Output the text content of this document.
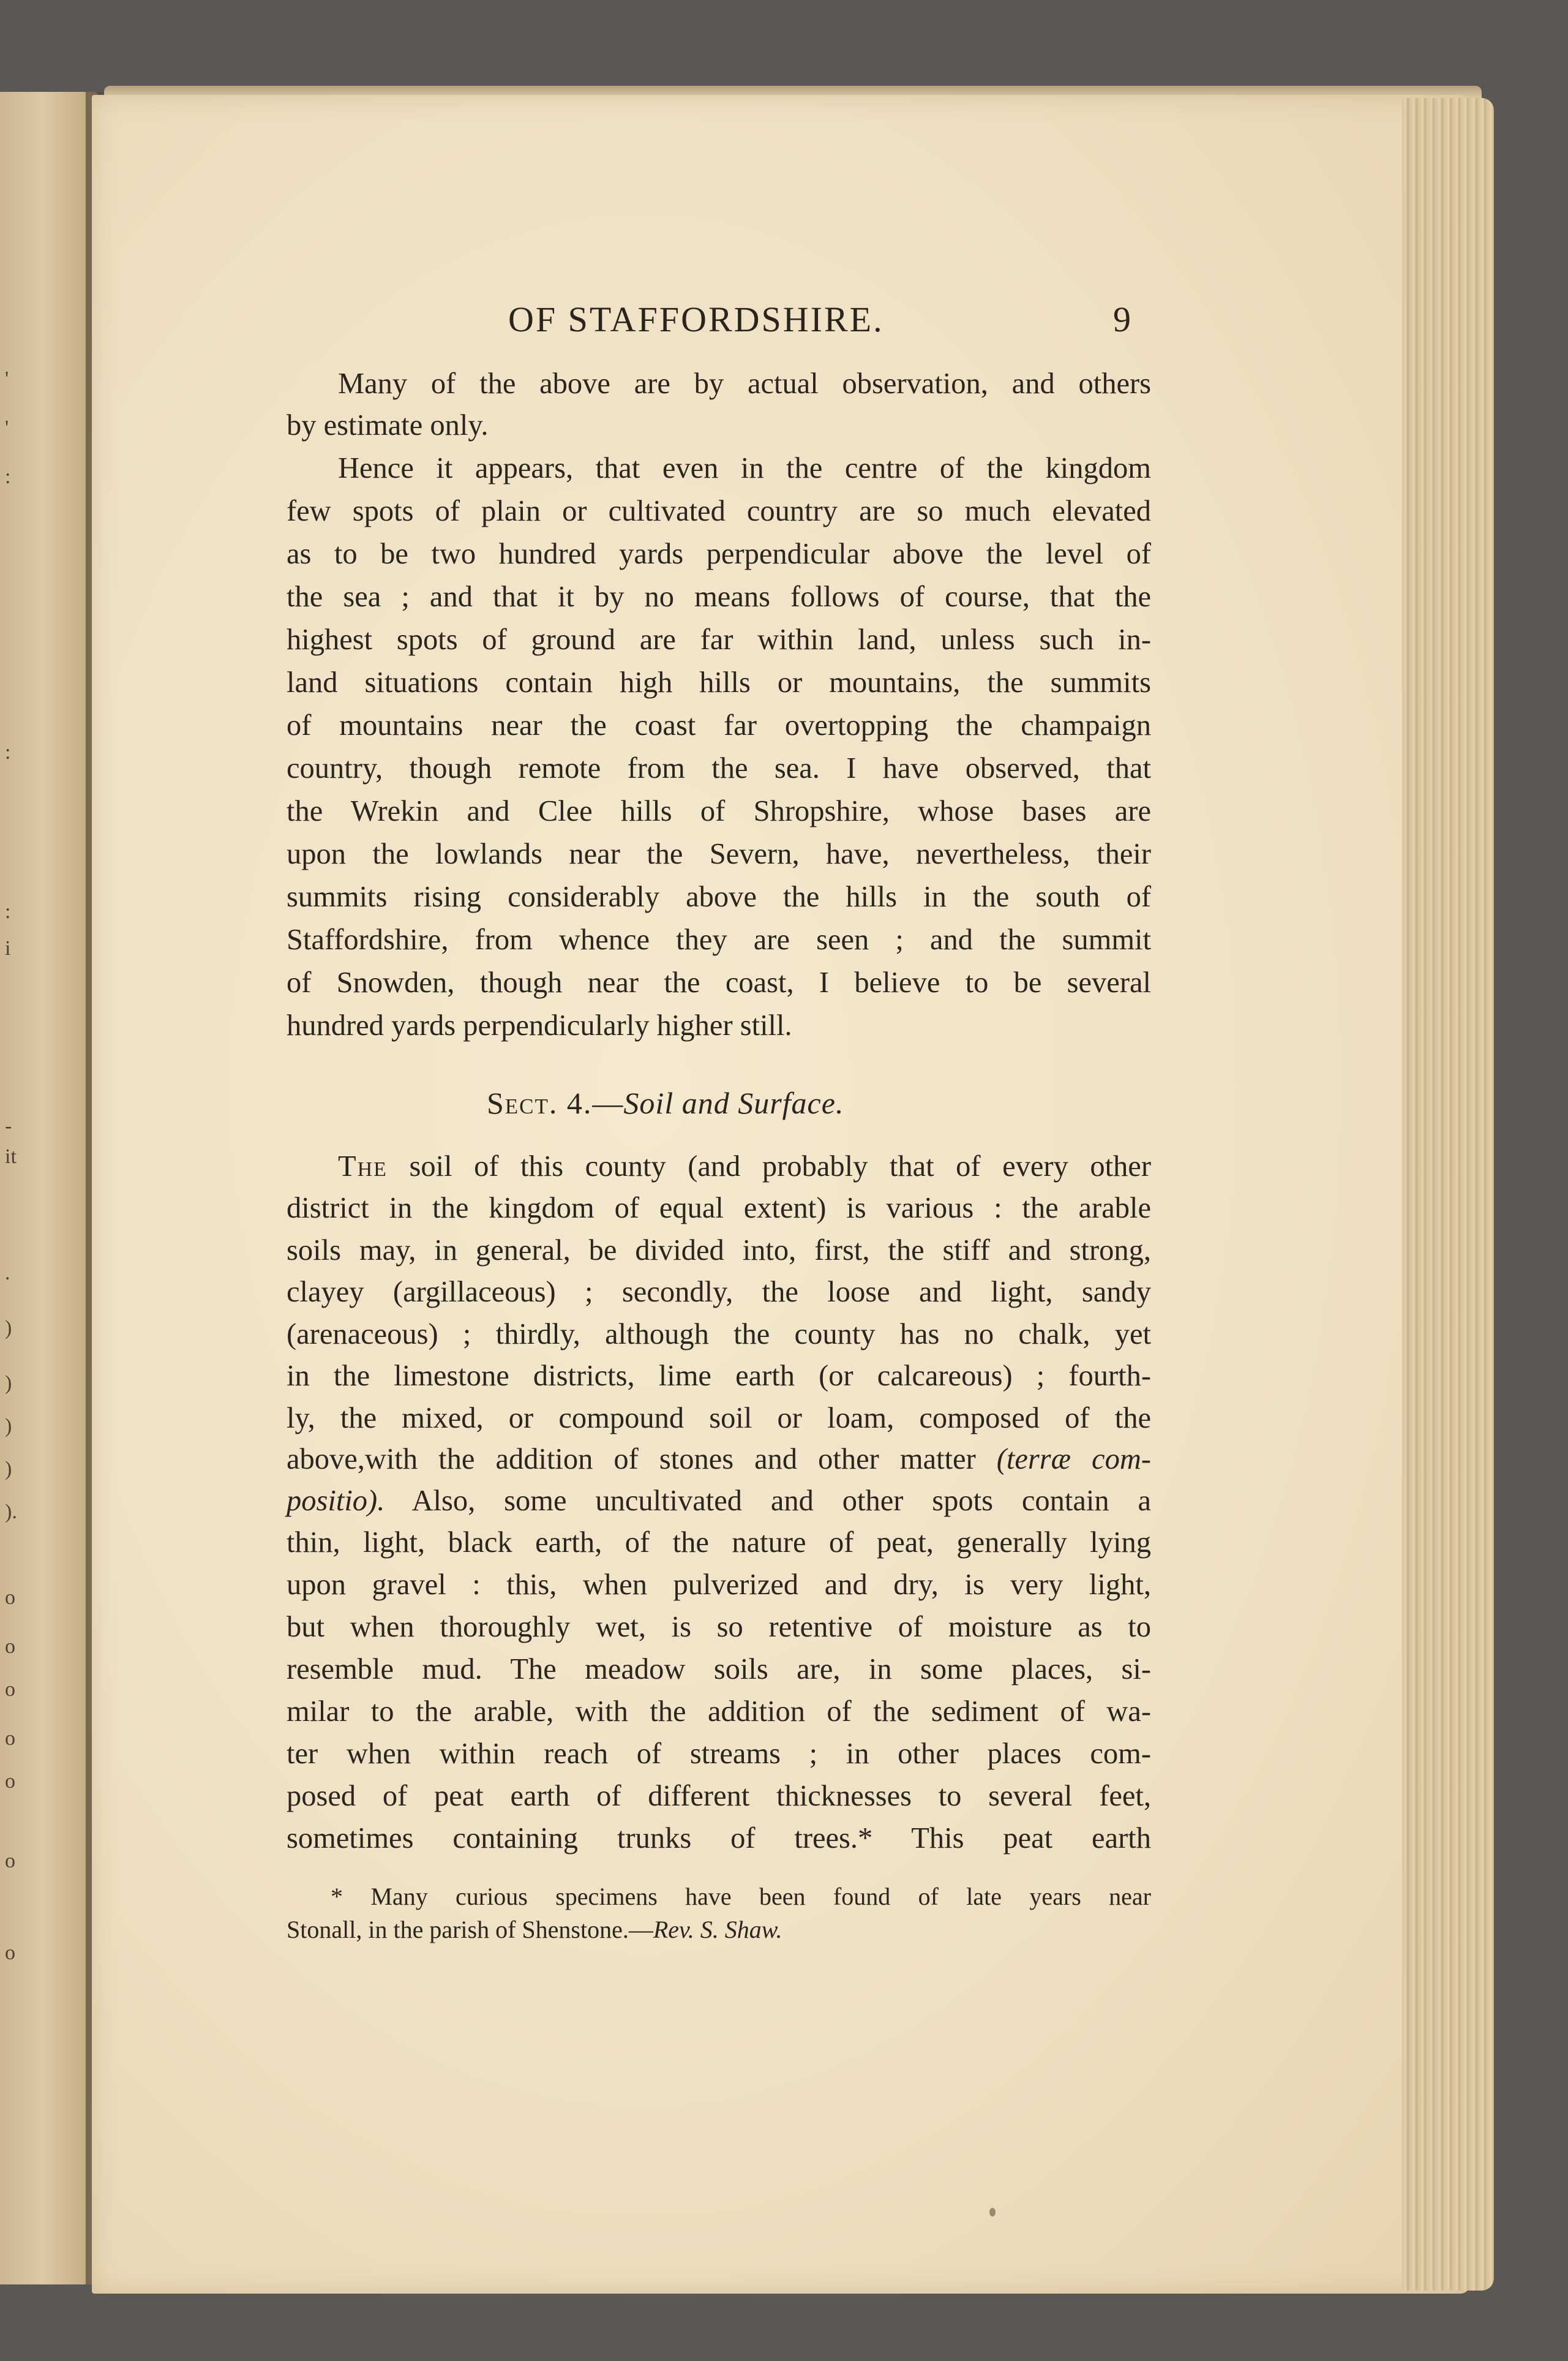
'
'
:
:
:
i
-
it
.
)
)
)
)
).
o
o
o
o
o
o
o
OF STAFFORDSHIRE.	9
Many of the above are by actual observation, and others
by estimate only.
Hence it appears, that even in the centre of the kingdom
few spots of plain or cultivated country are so much elevated
as to be two hundred yards perpendicular above the level of
the sea ; and that it by no means follows of course, that the
highest spots of ground are far within land, unless such in-
land situations contain high hills or mountains, the summits
of mountains near the coast far overtopping the champaign
country, though remote from the sea. I have observed, that
the Wrekin and Clee hills of Shropshire, whose bases are
upon the lowlands near the Severn, have, nevertheless, their
summits rising considerably above the hills in the south of
Staffordshire, from whence they are seen ; and the summit
of Snowden, though near the coast, I believe to be several
hundred yards perpendicularly higher still.
district in the kingdom of equal extent) is various : the arable
soils may, in general, be divided into, first, the stiff and strong,
clayey (argillaceous) ; secondly, the loose and light, sandy
(arenaceous) ; thirdly, although the county has no chalk, yet
in the limestone districts, lime earth (or calcareous) ; fourth-
ly, the mixed, or compound soil or loam, composed of the
thin, light, black earth, of the nature of peat, generally lying
upon gravel : this, when pulverized and dry, is very light,
but when thoroughly wet, is so retentive of moisture as to
resemble mud. The meadow soils are, in some places, si-
milar to the arable, with the addition of the sediment of wa-
ter when within reach of streams ; in other places com-
posed of peat earth of different thicknesses to several feet,
sometimes containing trunks of trees.* This peat earth
Sect. 4.—Soil and Surface.
The soil of this county (and probably that of every other
above,with the addition of stones and other matter (terræ com-
positio). Also, some uncultivated and other spots contain a
* Many curious specimens have been found of late years near
Stonall, in the parish of Shenstone.—Rev. S. Shaw.
